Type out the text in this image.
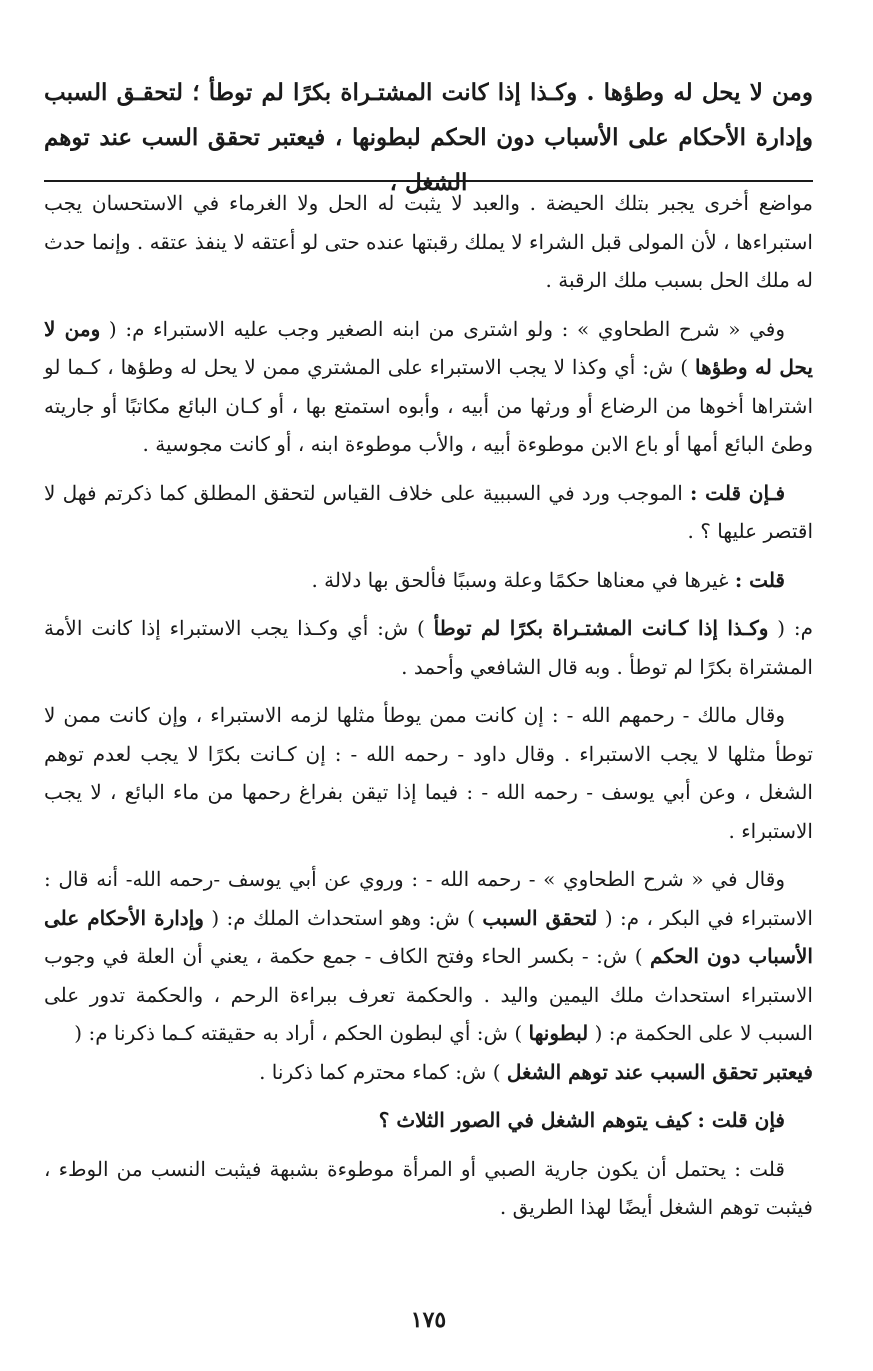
ومن لا يحل له وطؤها . وكـذا إذا كانت المشتـراة بكرًا لم توطأ ؛ لتحقـق السبب وإدارة الأحكام على الأسباب دون الحكم لبطونها ، فيعتبر تحقق السب عند توهم الشغل ،

مواضع أخرى يجبر بتلك الحيضة . والعبد لا يثبت له الحل ولا الغرماء في الاستحسان يجب استبراءها ، لأن المولى قبل الشراء لا يملك رقبتها عنده حتى لو أعتقه لا ينفذ عتقه . وإنما حدث له ملك الحل بسبب ملك الرقبة .

وفي « شرح الطحاوي » : ولو اشترى من ابنه الصغير وجب عليه الاستبراء م: ( ومن لا يحل له وطؤها ) ش: أي وكذا لا يجب الاستبراء على المشتري ممن لا يحل له وطؤها ، كـما لو اشتراها أخوها من الرضاع أو ورثها من أبيه ، وأبوه استمتع بها ، أو كـان البائع مكاتبًا أو جاريته وطئ البائع أمها أو باع الابن موطوءة أبيه ، والأب موطوءة ابنه ، أو كانت مجوسية .

فـإن قلت : الموجب ورد في السببية على خلاف القياس لتحقق المطلق كما ذكرتم فهل لا اقتصر عليها ؟ .

قلت : غيرها في معناها حكمًا وعلة وسببًا فألحق بها دلالة .

م: ( وكـذا إذا كـانت المشتـراة بكرًا لم توطأ ) ش: أي وكـذا يجب الاستبراء إذا كانت الأمة المشتراة بكرًا لم توطأ . وبه قال الشافعي وأحمد .

وقال مالك - رحمهم الله - : إن كانت ممن يوطأ مثلها لزمه الاستبراء ، وإن كانت ممن لا توطأ مثلها لا يجب الاستبراء . وقال داود - رحمه الله - : إن كـانت بكرًا لا يجب لعدم توهم الشغل ، وعن أبي يوسف - رحمه الله - : فيما إذا تيقن بفراغ رحمها من ماء البائع ، لا يجب الاستبراء .

وقال في « شرح الطحاوي » - رحمه الله - : وروي عن أبي يوسف -رحمه الله- أنه قال : الاستبراء في البكر ، م: ( لتحقق السبب ) ش: وهو استحداث الملك م: ( وإدارة الأحكام على الأسباب دون الحكم ) ش: - بكسر الحاء وفتح الكاف - جمع حكمة ، يعني أن العلة في وجوب الاستبراء استحداث ملك اليمين واليد . والحكمة تعرف ببراءة الرحم ، والحكمة تدور على السبب لا على الحكمة م: ( لبطونها ) ش: أي لبطون الحكم ، أراد به حقيقته كـما ذكرنا م: (
فيعتبر تحقق السبب عند توهم الشغل ) ش: كماء محترم كما ذكرنا .

فإن قلت : كيف يتوهم الشغل في الصور الثلاث ؟

قلت : يحتمل أن يكون جارية الصبي أو المرأة موطوءة بشبهة فيثبت النسب من الوطء ، فيثبت توهم الشغل أيضًا لهذا الطريق .

١٧٥
